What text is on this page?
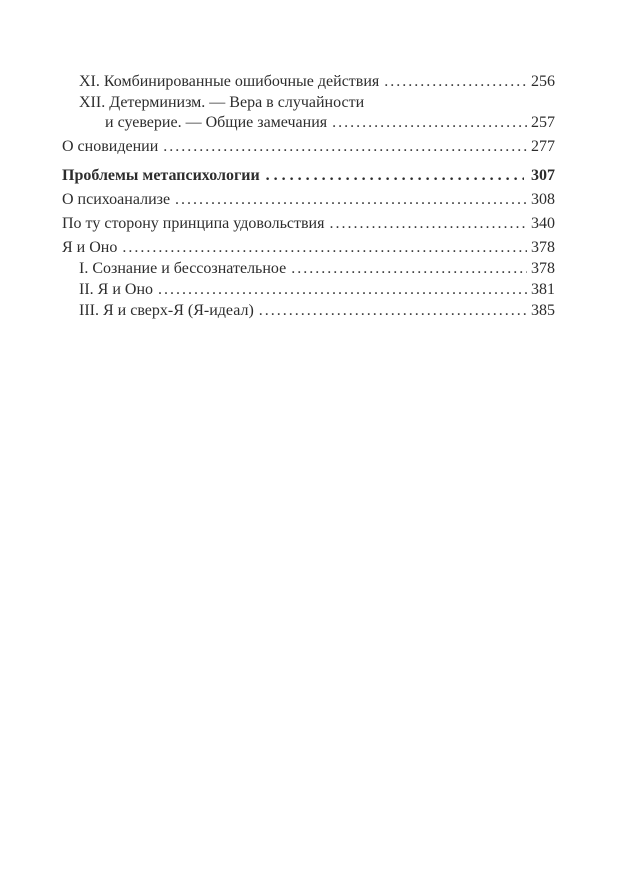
XI. Комбинированные ошибочные действия .....	256
XII. Детерминизм. — Вера в случайности
и суеверие. — Общие замечания .....	257
О сновидении .....	277
Проблемы метапсихологии .....	307
О психоанализе .....	308
По ту сторону принципа удовольствия .....	340
Я и Оно .....	378
I. Сознание и бессознательное .....	378
II. Я и Оно .....	381
III. Я и сверх-Я (Я-идеал) .....	385
